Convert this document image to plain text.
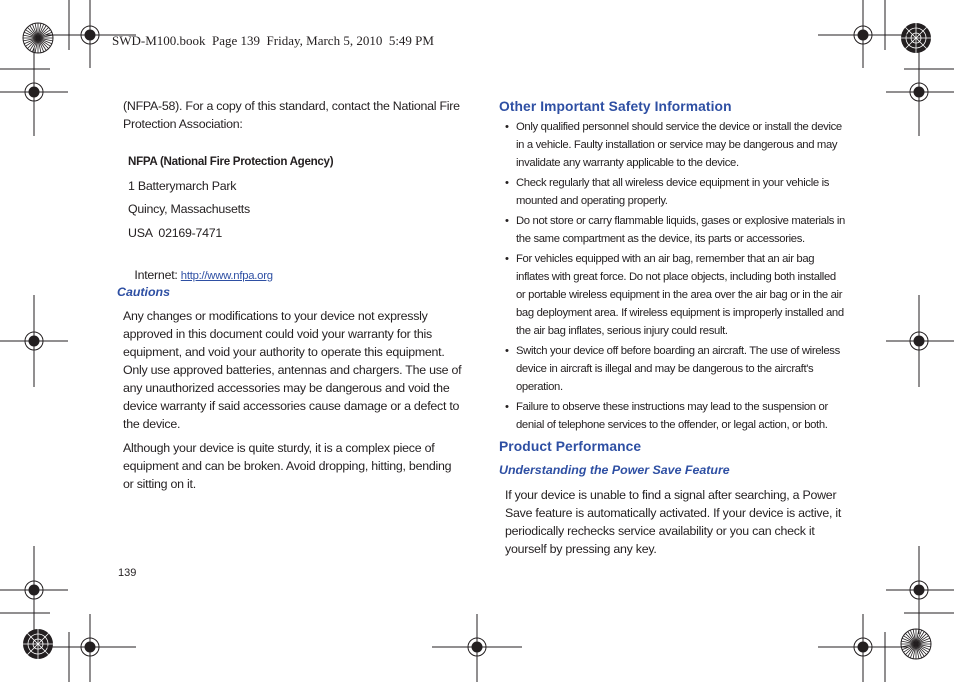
SWD-M100.book  Page 139  Friday, March 5, 2010  5:49 PM
(NFPA-58). For a copy of this standard, contact the National Fire Protection Association:
NFPA (National Fire Protection Agency)
1 Batterymarch Park
Quincy, Massachusetts
USA  02169-7471

Internet: http://www.nfpa.org

Cautions
Any changes or modifications to your device not expressly approved in this document could void your warranty for this equipment, and void your authority to operate this equipment. Only use approved batteries, antennas and chargers. The use of any unauthorized accessories may be dangerous and void the device warranty if said accessories cause damage or a defect to the device.
Although your device is quite sturdy, it is a complex piece of equipment and can be broken. Avoid dropping, hitting, bending or sitting on it.
139
Other Important Safety Information
• Only qualified personnel should service the device or install the device in a vehicle. Faulty installation or service may be dangerous and may invalidate any warranty applicable to the device.
• Check regularly that all wireless device equipment in your vehicle is mounted and operating properly.
• Do not store or carry flammable liquids, gases or explosive materials in the same compartment as the device, its parts or accessories.
• For vehicles equipped with an air bag, remember that an air bag inflates with great force. Do not place objects, including both installed or portable wireless equipment in the area over the air bag or in the air bag deployment area. If wireless equipment is improperly installed and the air bag inflates, serious injury could result.
• Switch your device off before boarding an aircraft. The use of wireless device in aircraft is illegal and may be dangerous to the aircraft's operation.
• Failure to observe these instructions may lead to the suspension or denial of telephone services to the offender, or legal action, or both.
Product Performance
Understanding the Power Save Feature
If your device is unable to find a signal after searching, a Power Save feature is automatically activated. If your device is active, it periodically rechecks service availability or you can check it yourself by pressing any key.
